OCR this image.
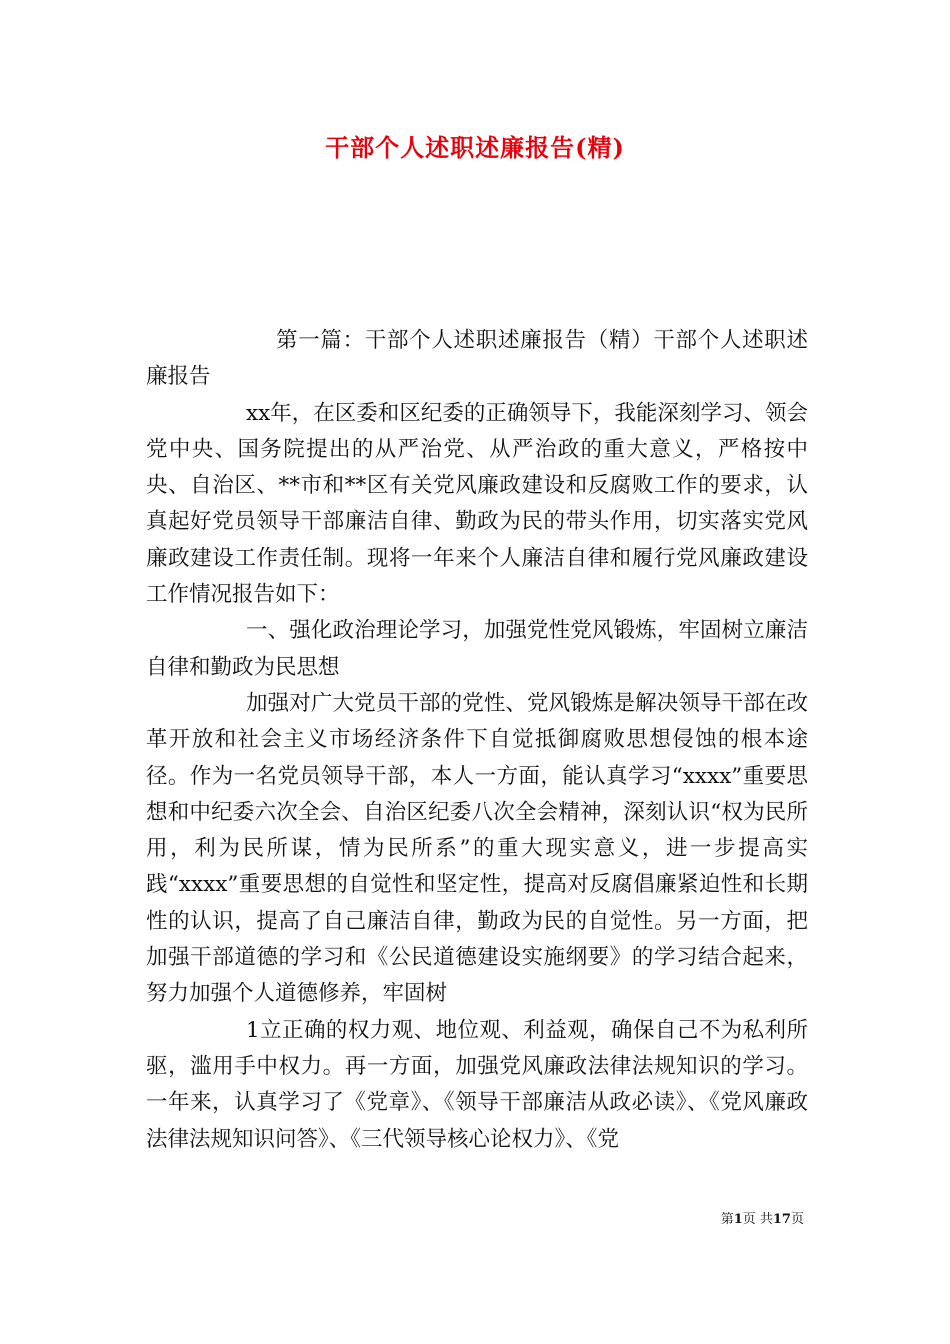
干部个人述职述廉报告(精)

第一篇：干部个人述职述廉报告（精）干部个人述职述廉报告

xx年，在区委和区纪委的正确领导下，我能深刻学习、领会党中央、国务院提出的从严治党、从严治政的重大意义，严格按中央、自治区、**市和**区有关党风廉政建设和反腐败工作的要求，认真起好党员领导干部廉洁自律、勤政为民的带头作用，切实落实党风廉政建设工作责任制。现将一年来个人廉洁自律和履行党风廉政建设工作情况报告如下：

一、强化政治理论学习，加强党性党风锻炼，牢固树立廉洁自律和勤政为民思想

加强对广大党员干部的党性、党风锻炼是解决领导干部在改革开放和社会主义市场经济条件下自觉抵御腐败思想侵蚀的根本途径。作为一名党员领导干部，本人一方面，能认真学习“xxxx”重要思想和中纪委六次全会、自治区纪委八次全会精神，深刻认识“权为民所用，利为民所谋，情为民所系”的重大现实意义，进一步提高实践“xxxx”重要思想的自觉性和坚定性，提高对反腐倡廉紧迫性和长期性的认识，提高了自己廉洁自律，勤政为民的自觉性。另一方面，把加强干部道德的学习和《公民道德建设实施纲要》的学习结合起来，努力加强个人道德修养，牢固树

1立正确的权力观、地位观、利益观，确保自己不为私利所驱，滥用手中权力。再一方面，加强党风廉政法律法规知识的学习。一年来，认真学习了《党章》、《领导干部廉洁从政必读》、《党风廉政法律法规知识问答》、《三代领导核心论权力》、《党

第1页 共17页
